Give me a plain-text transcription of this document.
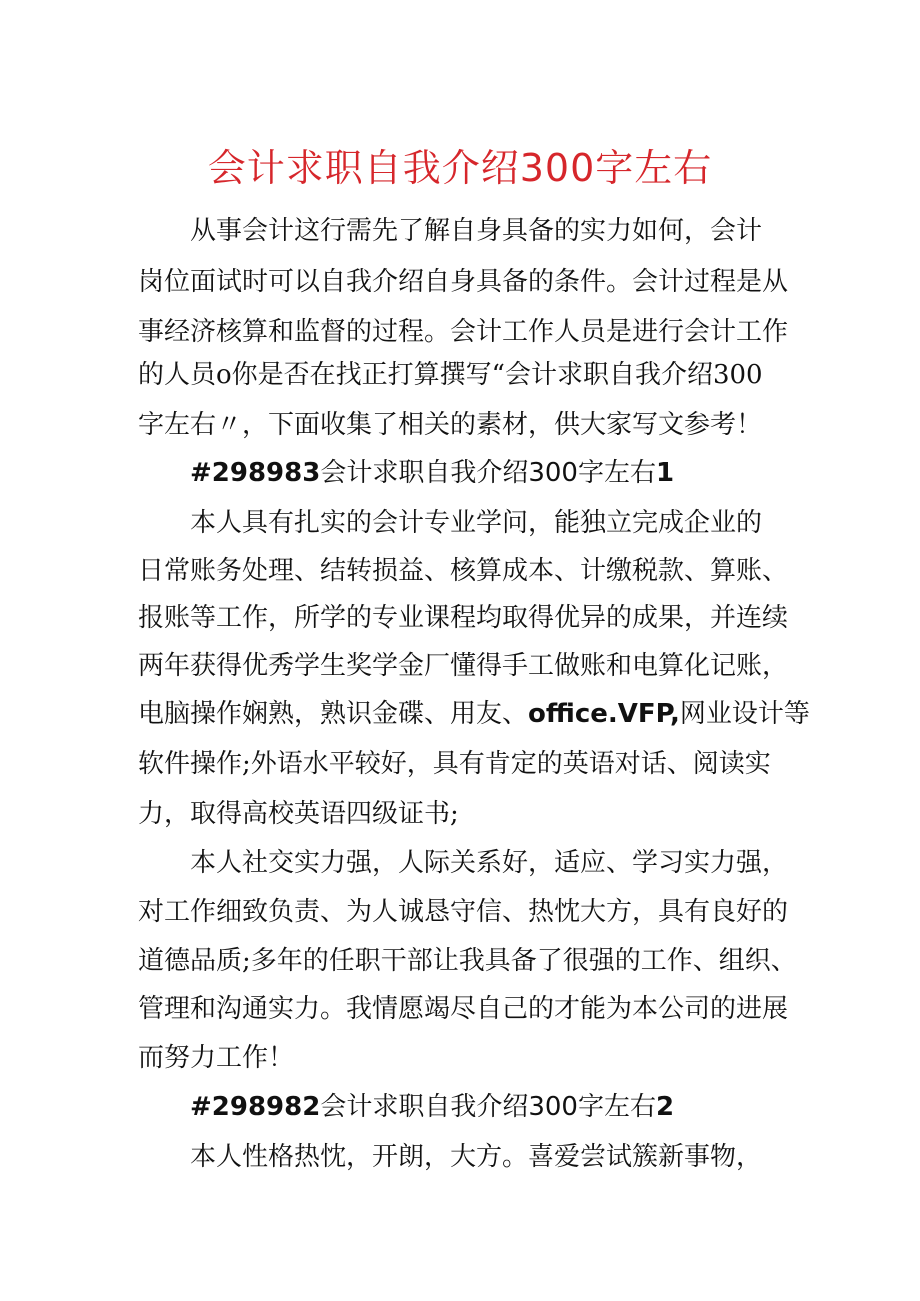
会计求职自我介绍300字左右
从事会计这行需先了解自身具备的实力如何，会计
岗位面试时可以自我介绍自身具备的条件。会计过程是从
事经济核算和监督的过程。会计工作人员是进行会计工作
的人员o你是否在找正打算撰写“会计求职自我介绍300
字左右〃，下面收集了相关的素材，供大家写文参考！
#298983会计求职自我介绍300字左右1
本人具有扎实的会计专业学问，能独立完成企业的
日常账务处理、结转损益、核算成本、计缴税款、算账、
报账等工作，所学的专业课程均取得优异的成果，并连续
两年获得优秀学生奖学金厂懂得手工做账和电算化记账，
电脑操作娴熟，熟识金碟、用友、office.VFP,网业设计等
软件操作;外语水平较好，具有肯定的英语对话、阅读实
力，取得高校英语四级证书;
本人社交实力强，人际关系好，适应、学习实力强，
对工作细致负责、为人诚恳守信、热忱大方，具有良好的
道德品质;多年的任职干部让我具备了很强的工作、组织、
管理和沟通实力。我情愿竭尽自己的才能为本公司的进展
而努力工作！
#298982会计求职自我介绍300字左右2
本人性格热忱，开朗，大方。喜爱尝试簇新事物，
